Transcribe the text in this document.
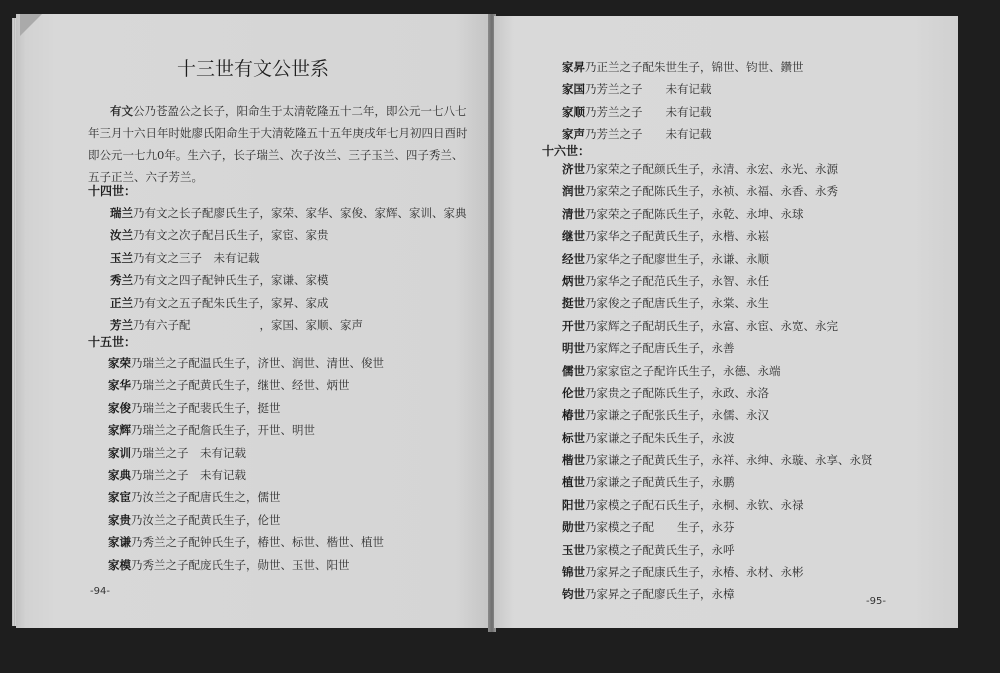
十三世有文公世系
有文公乃苍盈公之长子，阳命生于太清乾隆五十二年，即公元一七八七年三月十六日年时妣廖氏阳命生于大清乾隆五十五年庚戌年七月初四日酉时即公元一七九0年。生六子，长子瑞兰、次子汝兰、三子玉兰、四子秀兰、五子正兰、六子芳兰。
十四世：
瑞兰乃有文之长子配廖氏生子，家荣、家华、家俊、家辉、家训、家典
汝兰乃有文之次子配吕氏生子，家宦、家贵
玉兰乃有文之三子　未有记载
秀兰乃有文之四子配钟氏生子，家谦、家模
正兰乃有文之五子配朱氏生子，家昇、家成
芳兰乃有六子配　　　　　　，家国、家顺、家声
十五世：
家荣乃瑞兰之子配温氏生子，济世、润世、清世、俊世
家华乃瑞兰之子配黄氏生子，继世、经世、炳世
家俊乃瑞兰之子配裴氏生子，挺世
家辉乃瑞兰之子配詹氏生子，开世、明世
家训乃瑞兰之子　未有记载
家典乃瑞兰之子　未有记载
家宦乃汝兰之子配唐氏生之，儒世
家贵乃汝兰之子配黄氏生子，伦世
家谦乃秀兰之子配钟氏生子，椿世、标世、楷世、植世
家模乃秀兰之子配庞氏生子，勋世、玉世、阳世
-94-
家昇乃正兰之子配朱世生子，锦世、钧世、鑽世
家国乃芳兰之子　　未有记载
家顺乃芳兰之子　　未有记载
家声乃芳兰之子　　未有记载
十六世：
济世乃家荣之子配颜氏生子，永清、永宏、永光、永源
润世乃家荣之子配陈氏生子，永祯、永福、永香、永秀
清世乃家荣之子配陈氏生子，永乾、永坤、永球
继世乃家华之子配黄氏生子，永楷、永崧
经世乃家华之子配廖世生子，永谦、永顺
炳世乃家华之子配范氏生子，永智、永任
挺世乃家俊之子配唐氏生子，永棠、永生
开世乃家辉之子配胡氏生子，永富、永宦、永宽、永完
明世乃家辉之子配唐氏生子，永善
儒世乃家家宦之子配许氏生子，永德、永端
伦世乃家贵之子配陈氏生子，永政、永洛
椿世乃家谦之子配张氏生子，永儒、永汉
标世乃家谦之子配朱氏生子，永波
楷世乃家谦之子配黄氏生子，永祥、永绅、永璇、永享、永贤
植世乃家谦之子配黄氏生子，永鹏
阳世乃家模之子配石氏生子，永桐、永钦、永禄
勋世乃家模之子配　　生子，永芬
玉世乃家模之子配黄氏生子，永呼
锦世乃家昇之子配康氏生子，永椿、永材、永彬
钧世乃家昇之子配廖氏生子，永樟
-95-
